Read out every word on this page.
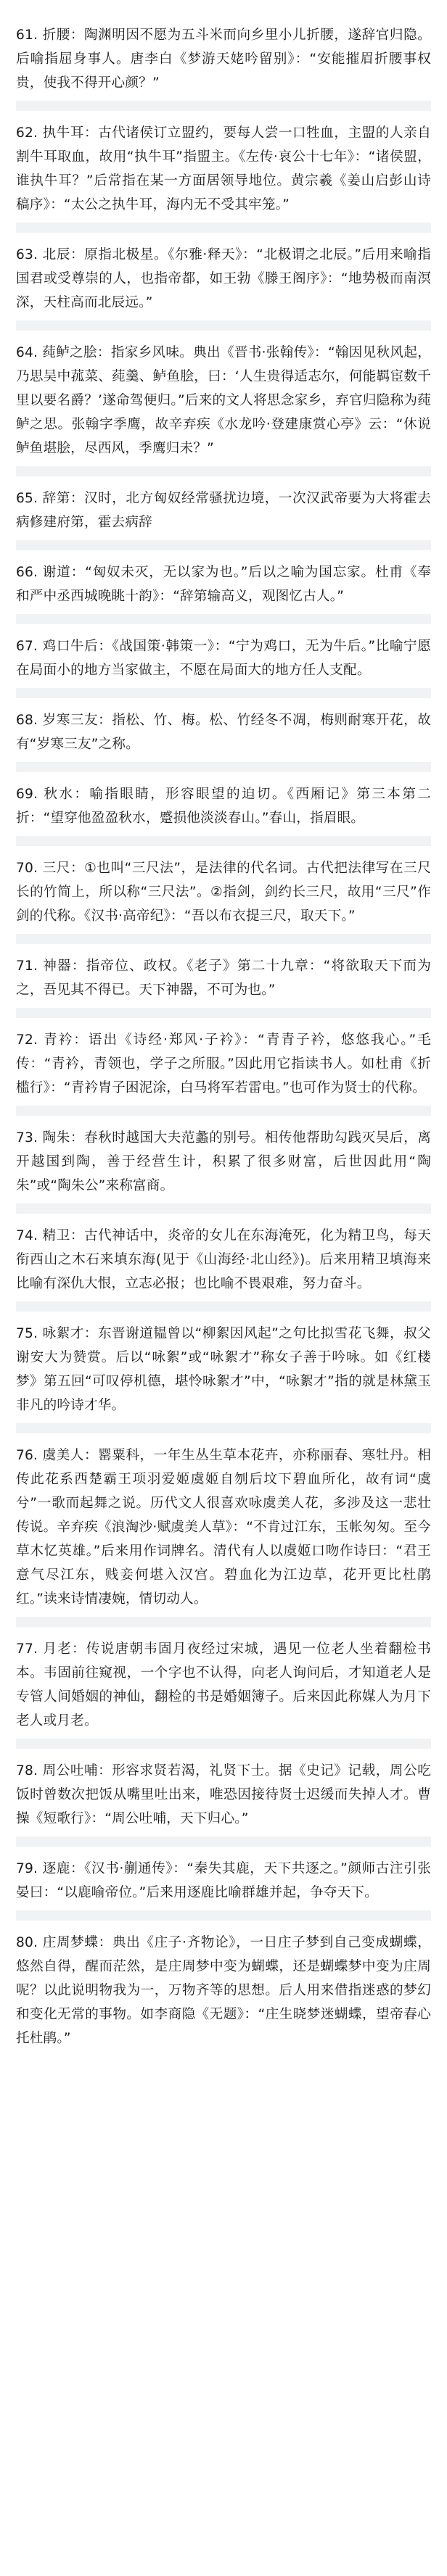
61. 折腰：陶渊明因不愿为五斗米而向乡里小儿折腰，遂辞官归隐。后喻指屈身事人。唐李白《梦游天姥吟留别》：“安能摧眉折腰事权贵，使我不得开心颜？”

62. 执牛耳：古代诸侯订立盟约，要每人尝一口牲血，主盟的人亲自割牛耳取血，故用“执牛耳”指盟主。《左传·哀公十七年》：“诸侯盟，谁执牛耳？”后常指在某一方面居领导地位。黄宗羲《姜山启彭山诗稿序》：“太公之执牛耳，海内无不受其牢笼。”

63. 北辰：原指北极星。《尔雅·释天》：“北极谓之北辰。”后用来喻指国君或受尊崇的人，也指帝都，如王勃《滕王阁序》：“地势极而南溟深，天柱高而北辰远。”

64. 莼鲈之脍：指家乡风味。典出《晋书·张翰传》：“翰因见秋风起，乃思吴中菰菜、莼羹、鲈鱼脍，曰：‘人生贵得适志尔，何能羁宦数千里以要名爵？’遂命驾便归。”后来的文人将思念家乡，弃官归隐称为莼鲈之思。张翰字季鹰，故辛弃疾《水龙吟·登建康赏心亭》云：“休说鲈鱼堪脍，尽西风，季鹰归未？”

65. 辞第：汉时，北方匈奴经常骚扰边境，一次汉武帝要为大将霍去病修建府第，霍去病辞

66. 谢道：“匈奴未灭，无以家为也。”后以之喻为国忘家。杜甫《奉和严中丞西城晚眺十韵》：“辞第输高义，观图忆古人。”

67. 鸡口牛后：《战国策·韩策一》：“宁为鸡口，无为牛后。”比喻宁愿在局面小的地方当家做主，不愿在局面大的地方任人支配。

68. 岁寒三友：指松、竹、梅。松、竹经冬不凋，梅则耐寒开花，故有“岁寒三友”之称。

69. 秋水：喻指眼睛，形容眼望的迫切。《西厢记》第三本第二折：“望穿他盈盈秋水，蹙损他淡淡春山。”春山，指眉眼。

70. 三尺：①也叫“三尺法”，是法律的代名词。古代把法律写在三尺长的竹简上，所以称“三尺法”。②指剑，剑约长三尺，故用“三尺”作剑的代称。《汉书·高帝纪》：“吾以布衣提三尺，取天下。”

71. 神器：指帝位、政权。《老子》第二十九章：“将欲取天下而为之，吾见其不得已。天下神器，不可为也。”

72. 青衿：语出《诗经·郑风·子衿》：“青青子衿，悠悠我心。”毛传：“青衿，青领也，学子之所服。”因此用它指读书人。如杜甫《折槛行》：“青衿胄子困泥涂，白马将军若雷电。”也可作为贤士的代称。

73. 陶朱：春秋时越国大夫范蠡的别号。相传他帮助勾践灭吴后，离开越国到陶，善于经营生计，积累了很多财富，后世因此用“陶朱”或“陶朱公”来称富商。

74. 精卫：古代神话中，炎帝的女儿在东海淹死，化为精卫鸟，每天衔西山之木石来填东海(见于《山海经·北山经》)。后来用精卫填海来比喻有深仇大恨，立志必报；也比喻不畏艰难，努力奋斗。

75. 咏絮才：东晋谢道韫曾以“柳絮因风起”之句比拟雪花飞舞，叔父谢安大为赞赏。后以“咏絮”或“咏絮才”称女子善于吟咏。如《红楼梦》第五回“可叹停机德，堪怜咏絮才”中，“咏絮才”指的就是林黛玉非凡的吟诗才华。

76. 虞美人：罂粟科，一年生丛生草本花卉，亦称丽春、寒牡丹。相传此花系西楚霸王项羽爱姬虞姬自刎后坟下碧血所化，故有词“虞兮”一歌而起舞之说。历代文人很喜欢咏虞美人花，多涉及这一悲壮传说。辛弃疾《浪淘沙·赋虞美人草》：“不肯过江东，玉帐匆匆。至今草木忆英雄。”后来用作词牌名。清代有人以虞姬口吻作诗曰：“君王意气尽江东，贱妾何堪入汉宫。碧血化为江边草，花开更比杜鹃红。”读来诗情凄婉，情切动人。

77. 月老：传说唐朝韦固月夜经过宋城，遇见一位老人坐着翻检书本。韦固前往窥视，一个字也不认得，向老人询问后，才知道老人是专管人间婚姻的神仙，翻检的书是婚姻簿子。后来因此称媒人为月下老人或月老。

78. 周公吐哺：形容求贤若渴，礼贤下士。据《史记》记载，周公吃饭时曾数次把饭从嘴里吐出来，唯恐因接待贤士迟缓而失掉人才。曹操《短歌行》：“周公吐哺，天下归心。”

79. 逐鹿：《汉书·蒯通传》：“秦失其鹿，天下共逐之。”颜师古注引张晏曰：“以鹿喻帝位。”后来用逐鹿比喻群雄并起，争夺天下。

80. 庄周梦蝶：典出《庄子·齐物论》，一日庄子梦到自己变成蝴蝶，悠然自得，醒而茫然，是庄周梦中变为蝴蝶，还是蝴蝶梦中变为庄周呢？以此说明物我为一，万物齐等的思想。后人用来借指迷惑的梦幻和变化无常的事物。如李商隐《无题》：“庄生晓梦迷蝴蝶，望帝春心托杜鹃。”
